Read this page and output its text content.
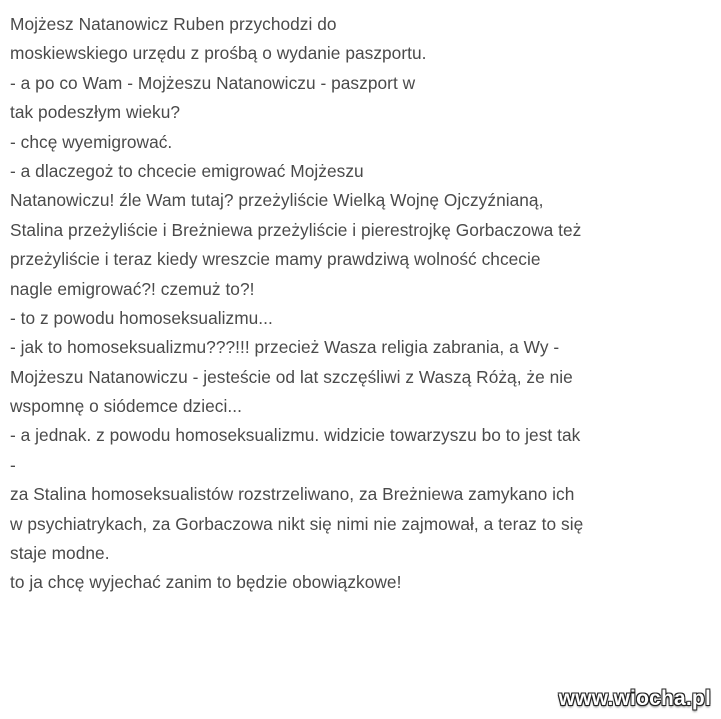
Mojżesz Natanowicz Ruben przychodzi do
moskiewskiego urzędu z prośbą o wydanie paszportu.
- a po co Wam - Mojżeszu Natanowiczu - paszport w
tak podeszłym wieku?
- chcę wyemigrować.
- a dlaczegoż to chcecie emigrować Mojżeszu
Natanowiczu! źle Wam tutaj? przeżyliście Wielką Wojnę Ojczyźnianą,
Stalina przeżyliście i Breżniewa przeżyliście i pierestrojkę Gorbaczowa też
przeżyliście i teraz kiedy wreszcie mamy prawdziwą wolność chcecie
nagle emigrować?! czemuż to?!
- to z powodu homoseksualizmu...
- jak to homoseksualizmu???!!! przecież Wasza religia zabrania, a Wy -
Mojżeszu Natanowiczu - jesteście od lat szczęśliwi z Waszą Różą, że nie
wspomnę o siódemce dzieci...
- a jednak. z powodu homoseksualizmu. widzicie towarzyszu bo to jest tak
-
za Stalina homoseksualistów rozstrzeliwano, za Breżniewa zamykano ich
w psychiatrykach, za Gorbaczowa nikt się nimi nie zajmował, a teraz to się
staje modne.
to ja chcę wyjechać zanim to będzie obowiązkowe!
www.wiocha.pl
